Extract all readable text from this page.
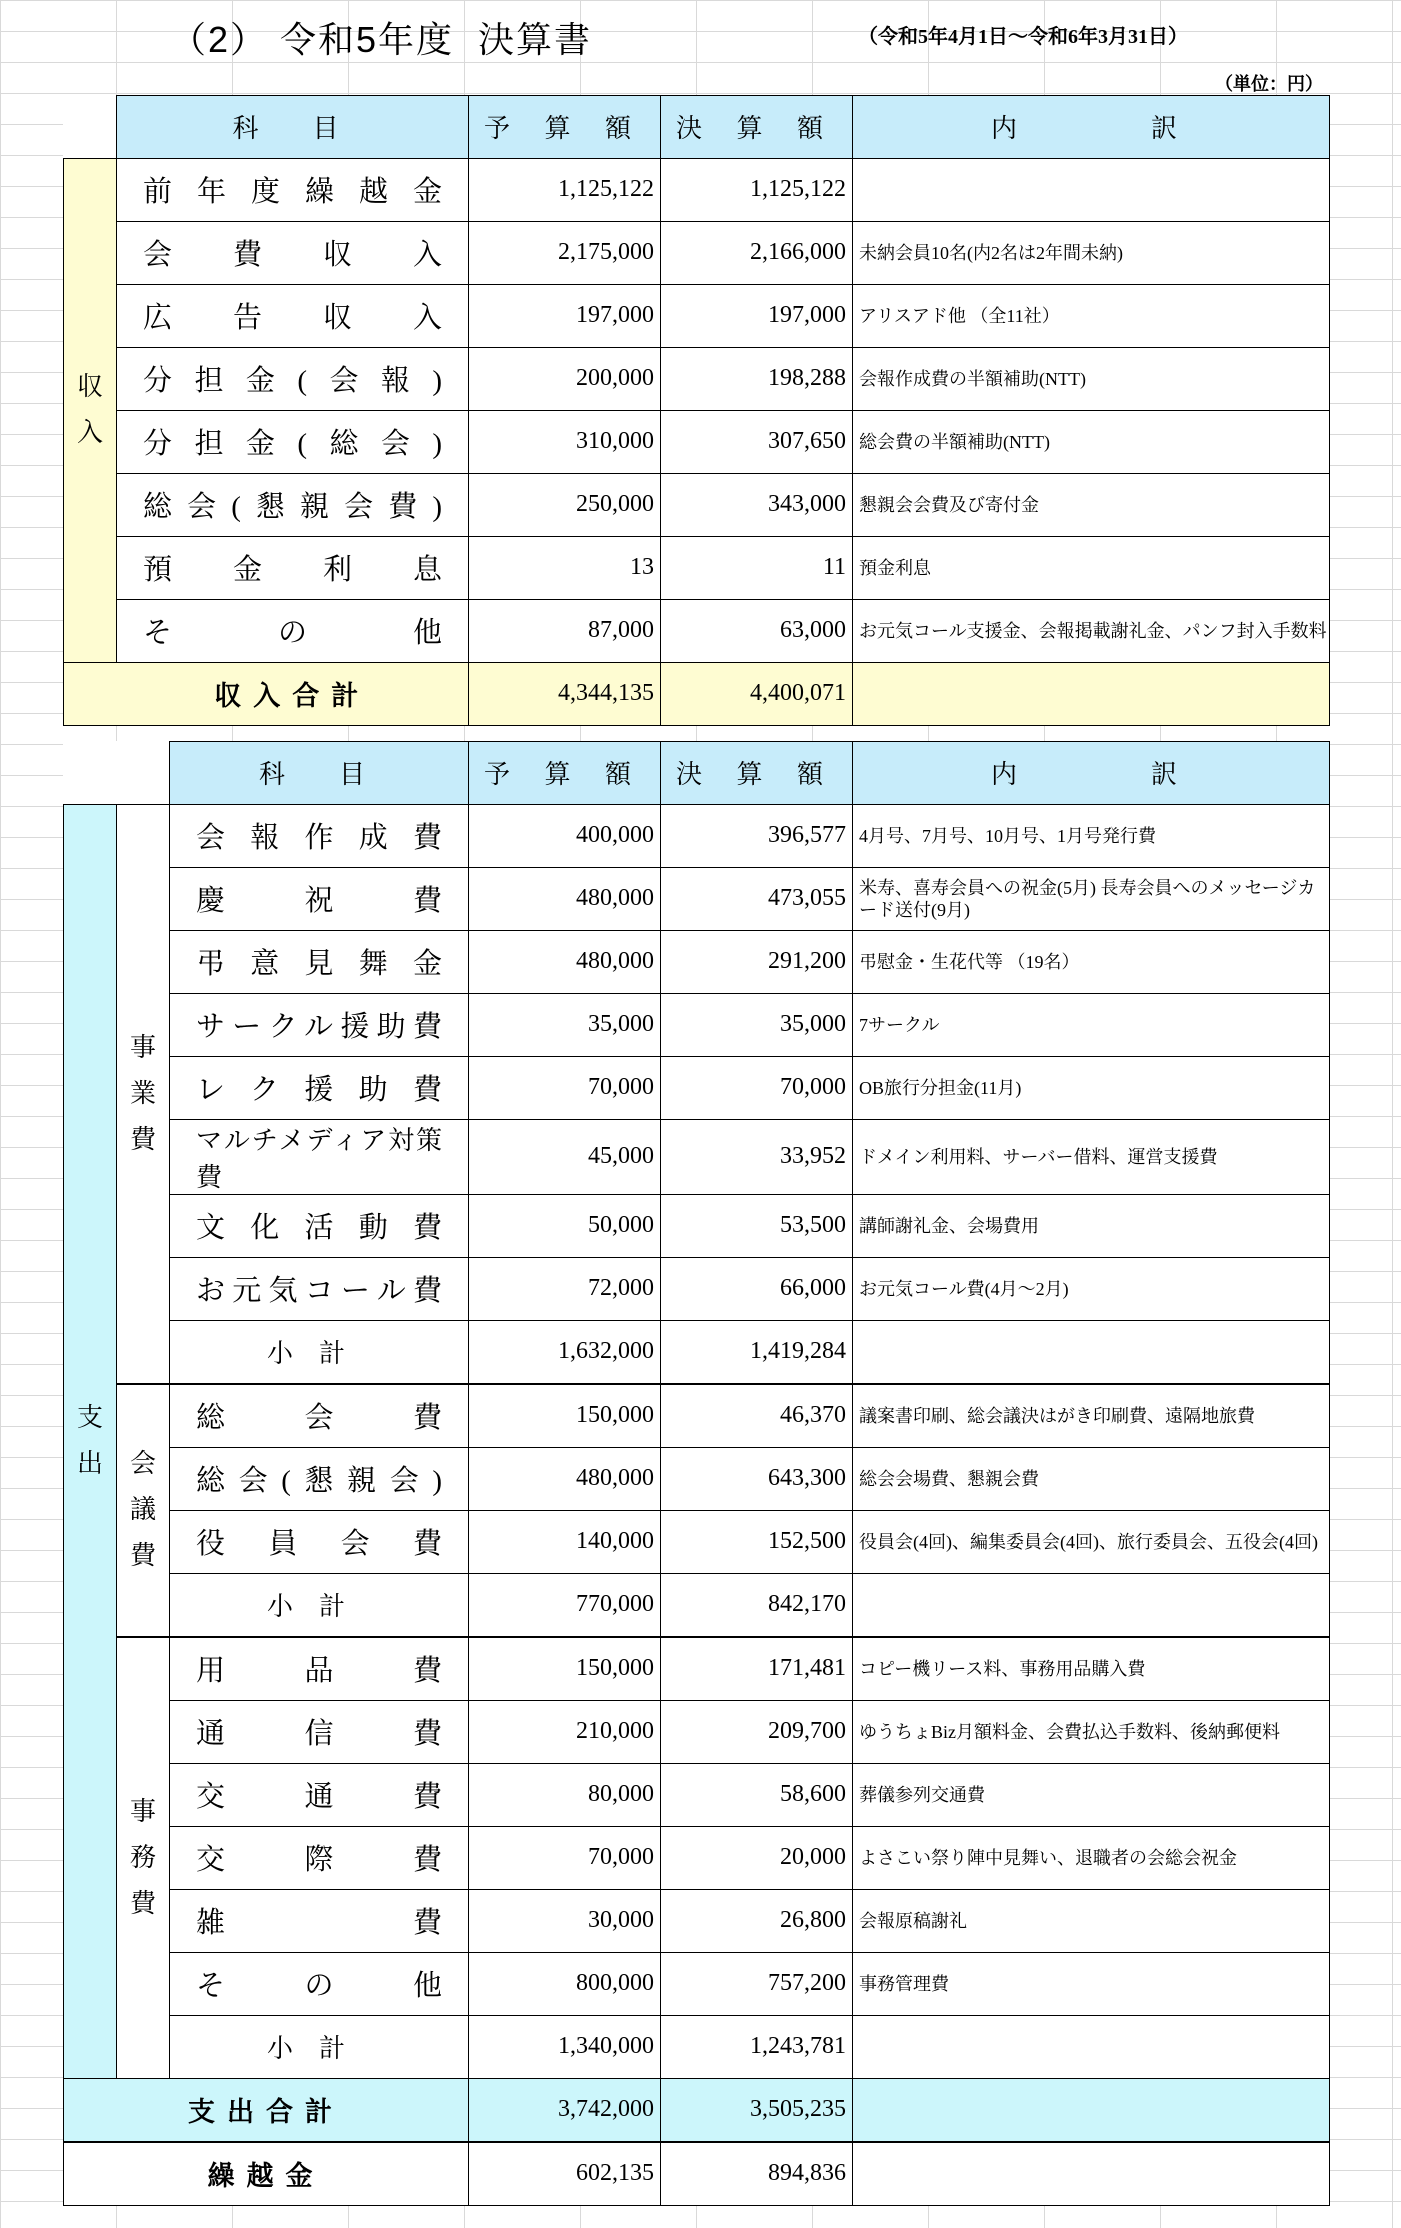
（2） 令和5年度  決算書	（令和5年4月1日～令和6年3月31日）
（単位：円）
	科　目	予 算 額	決 算 額	内　　　訳
収入	前年度繰越金	1,125,122	1,125,122	
	会費収入	2,175,000	2,166,000	未納会員10名(内2名は2年間未納)
	広告収入	197,000	197,000	アリスアド他 （全11社）
	分担金(会報)	200,000	198,288	会報作成費の半額補助(NTT)
	分担金(総会)	310,000	307,650	総会費の半額補助(NTT)
	総会(懇親会費)	250,000	343,000	懇親会会費及び寄付金
	預金利息	13	11	預金利息
	その他	87,000	63,000	お元気コール支援金、会報掲載謝礼金、パンフ封入手数料
	収入合計	4,344,135	4,400,071	
		科　目	予 算 額	決 算 額	内　　　訳
支出	事業費	会報作成費	400,000	396,577	4月号、7月号、10月号、1月号発行費
		慶祝費	480,000	473,055	米寿、喜寿会員への祝金(5月) 長寿会員へのメッセージカード送付(9月)
		弔意見舞金	480,000	291,200	弔慰金・生花代等 （19名）
		サークル援助費	35,000	35,000	7サークル
		レク援助費	70,000	70,000	OB旅行分担金(11月)
		マルチメディア対策費	45,000	33,952	ドメイン利用料、サーバー借料、運営支援費
		文化活動費	50,000	53,500	講師謝礼金、会場費用
		お元気コール費	72,000	66,000	お元気コール費(4月～2月)
		小計	1,632,000	1,419,284	
	会議費	総会費	150,000	46,370	議案書印刷、総会議決はがき印刷費、遠隔地旅費
		総会(懇親会)	480,000	643,300	総会会場費、懇親会費
		役員会費	140,000	152,500	役員会(4回)、編集委員会(4回)、旅行委員会、五役会(4回)
		小計	770,000	842,170	
	事務費	用品費	150,000	171,481	コピー機リース料、事務用品購入費
		通信費	210,000	209,700	ゆうちょBiz月額料金、会費払込手数料、後納郵便料
		交通費	80,000	58,600	葬儀参列交通費
		交際費	70,000	20,000	よさこい祭り陣中見舞い、退職者の会総会祝金
		雑費	30,000	26,800	会報原稿謝礼
		その他	800,000	757,200	事務管理費
		小計	1,340,000	1,243,781	
支出合計			3,742,000	3,505,235	
繰越金			602,135	894,836	
